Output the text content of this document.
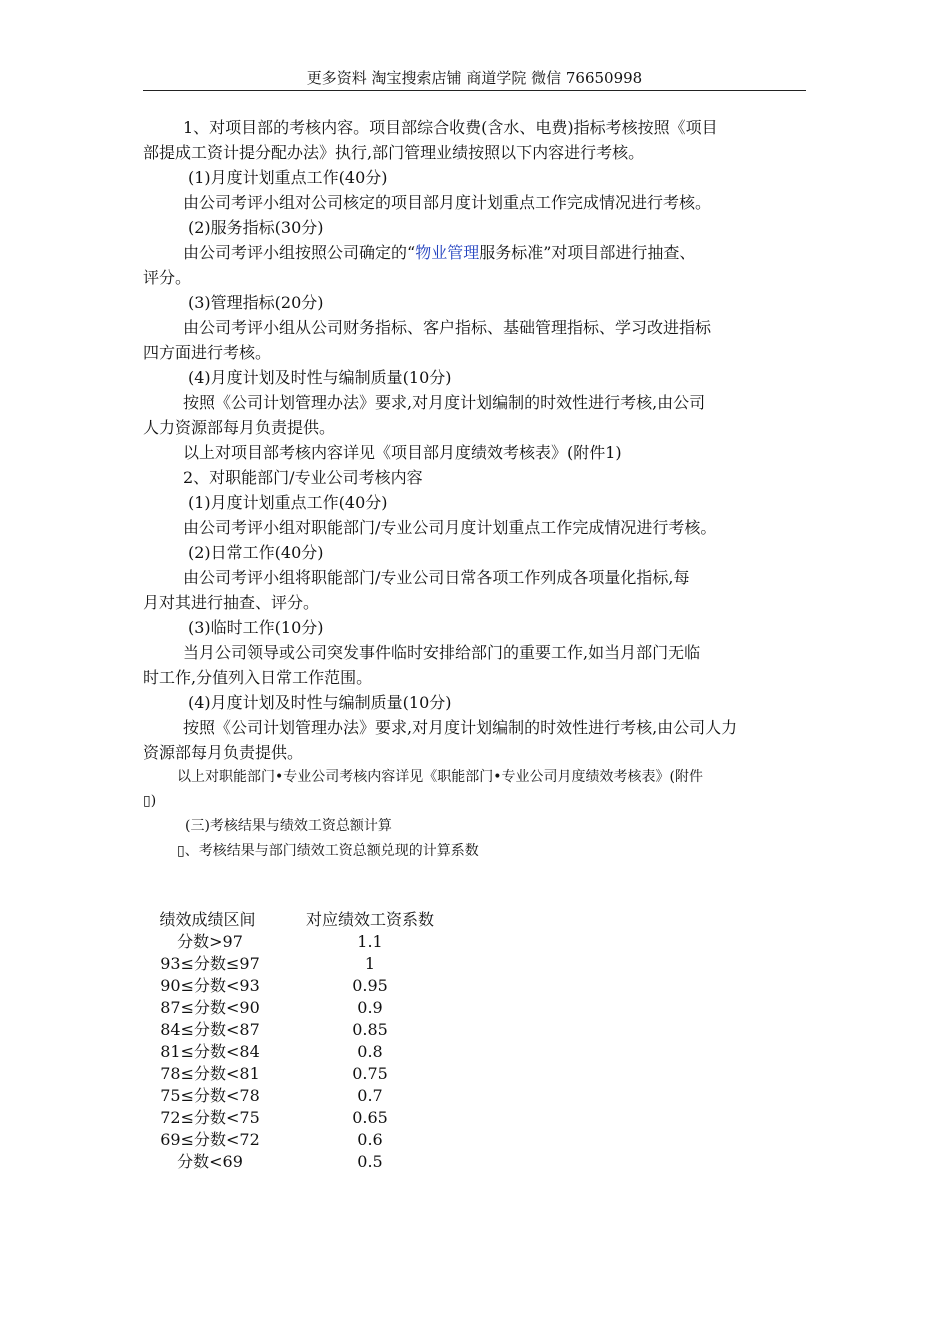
更多资料 淘宝搜索店铺 商道学院 微信 76650998
1、对项目部的考核内容。项目部综合收费(含水、电费)指标考核按照《项目
部提成工资计提分配办法》执行,部门管理业绩按照以下内容进行考核。
(1)月度计划重点工作(40分)
由公司考评小组对公司核定的项目部月度计划重点工作完成情况进行考核。
(2)服务指标(30分)
由公司考评小组按照公司确定的“物业管理服务标准”对项目部进行抽查、
评分。
(3)管理指标(20分)
由公司考评小组从公司财务指标、客户指标、基础管理指标、学习改进指标
四方面进行考核。
(4)月度计划及时性与编制质量(10分)
按照《公司计划管理办法》要求,对月度计划编制的时效性进行考核,由公司
人力资源部每月负责提供。
以上对项目部考核内容详见《项目部月度绩效考核表》(附件1)
2、对职能部门/专业公司考核内容
(1)月度计划重点工作(40分)
由公司考评小组对职能部门/专业公司月度计划重点工作完成情况进行考核。
(2)日常工作(40分)
由公司考评小组将职能部门/专业公司日常各项工作列成各项量化指标,每
月对其进行抽查、评分。
(3)临时工作(10分)
当月公司领导或公司突发事件临时安排给部门的重要工作,如当月部门无临
时工作,分值列入日常工作范围。
(4)月度计划及时性与编制质量(10分)
按照《公司计划管理办法》要求,对月度计划编制的时效性进行考核,由公司人力
资源部每月负责提供。
以上对职能部门•专业公司考核内容详见《职能部门•专业公司月度绩效考核表》(附件
▯)
(三)考核结果与绩效工资总额计算
▯、考核结果与部门绩效工资总额兑现的计算系数
绩效成绩区间	对应绩效工资系数
分数>97	1.1
93≤分数≤97	1
90≤分数<93	0.95
87≤分数<90	0.9
84≤分数<87	0.85
81≤分数<84	0.8
78≤分数<81	0.75
75≤分数<78	0.7
72≤分数<75	0.65
69≤分数<72	0.6
分数<69	0.5
